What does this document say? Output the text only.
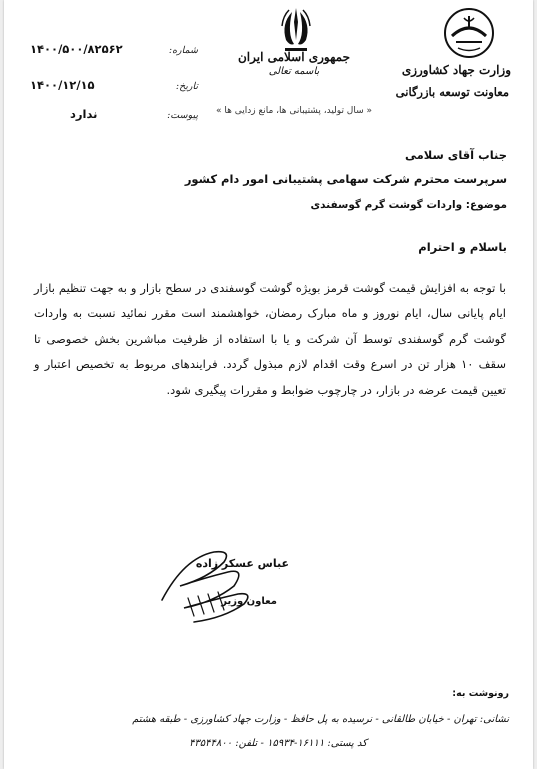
وزارت جهاد کشاورزی
معاونت توسعه بازرگانی
جمهوری اسلامی ایران
باسمه تعالی
« سال تولید، پشتیبانی ها، مانع زدایی ها »
۱۴۰۰/۵۰۰/۸۲۵۶۲	شماره:
۱۴۰۰/۱۲/۱۵	تاریخ:
ندارد	پیوست:
جناب آقای سلامی
سرپرست محترم شرکت سهامی پشتیبانی امور دام کشور
موضوع: واردات گوشت گرم گوسفندی
باسلام و احترام
با توجه به افزایش قیمت گوشت قرمز بویژه گوشت گوسفندی در سطح بازار و به جهت تنظیم بازار ایام پایانی سال، ایام نوروز و ماه مبارک رمضان، خواهشمند است مقرر نمائید نسبت به واردات گوشت گرم گوسفندی توسط آن شرکت و یا با استفاده از ظرفیت مباشرین بخش خصوصی تا سقف ۱۰ هزار تن در اسرع وقت اقدام لازم مبذول گردد. فرایندهای مربوط به تخصیص اعتبار و تعیین قیمت عرضه در بازار، در چارچوب ضوابط و مقررات پیگیری شود.
عباس عسکر زاده
معاون وزیر
رونوشت به:
نشانی: تهران - خیابان طالقانی - نرسیده به پل حافظ - وزارت جهاد کشاورزی - طبقه هشتم
کد پستی: ۱۶۱۱۱-۱۵۹۳۴ - تلفن: ۴۳۵۴۴۸۰۰
